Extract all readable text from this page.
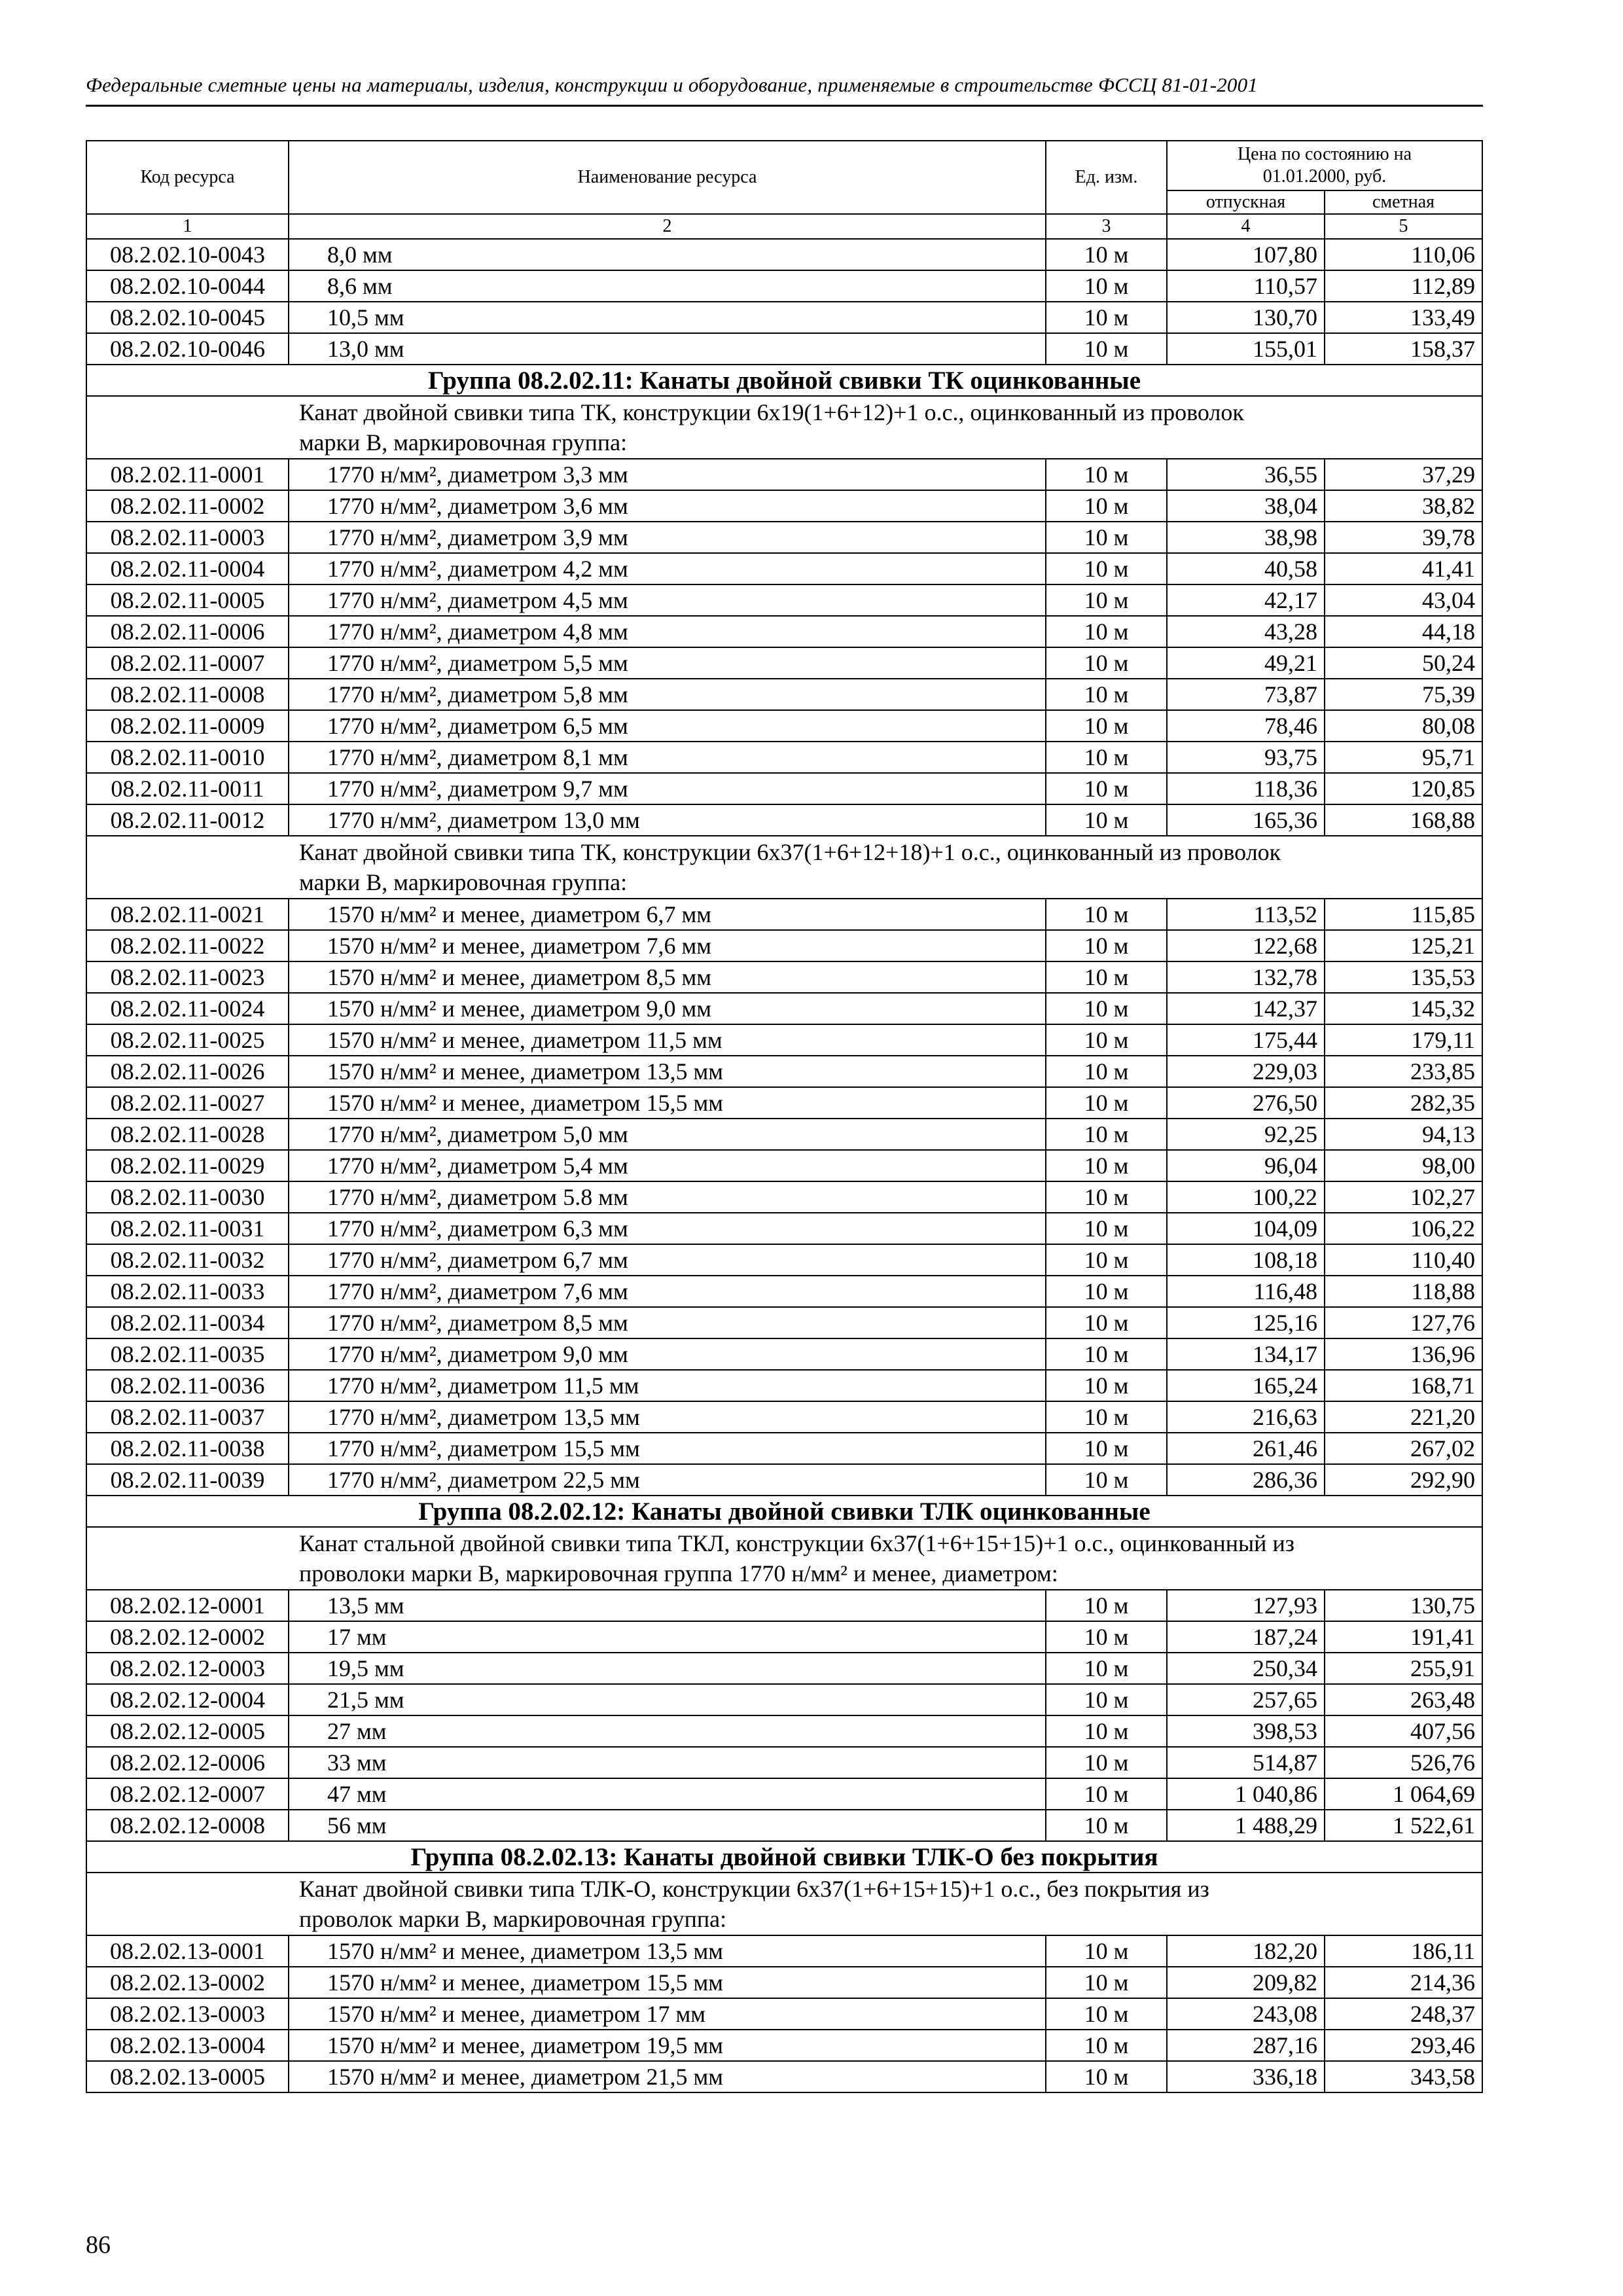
Федеральные сметные цены на материалы, изделия, конструкции и оборудование, применяемые в строительстве ФССЦ 81-01-2001
Код ресурса	Наименование ресурса	Ед. изм.	Цена по состоянию на 01.01.2000, руб.	
			отпускная	сметная
1	2	3	4	5
08.2.02.10-0043	8,0 мм	10 м	107,80	110,06
08.2.02.10-0044	8,6 мм	10 м	110,57	112,89
08.2.02.10-0045	10,5 мм	10 м	130,70	133,49
08.2.02.10-0046	13,0 мм	10 м	155,01	158,37
Группа 08.2.02.11: Канаты двойной свивки ТК оцинкованные				

Канат двойной свивки типа ТК, конструкции 6х19(1+6+12)+1 о.с., оцинкованный из проволок
марки В, маркировочная группа:				

08.2.02.11-0001	1770 н/мм², диаметром 3,3 мм	10 м	36,55	37,29
08.2.02.11-0002	1770 н/мм², диаметром 3,6 мм	10 м	38,04	38,82
08.2.02.11-0003	1770 н/мм², диаметром 3,9 мм	10 м	38,98	39,78
08.2.02.11-0004	1770 н/мм², диаметром 4,2 мм	10 м	40,58	41,41
08.2.02.11-0005	1770 н/мм², диаметром 4,5 мм	10 м	42,17	43,04
08.2.02.11-0006	1770 н/мм², диаметром 4,8 мм	10 м	43,28	44,18
08.2.02.11-0007	1770 н/мм², диаметром 5,5 мм	10 м	49,21	50,24
08.2.02.11-0008	1770 н/мм², диаметром 5,8 мм	10 м	73,87	75,39
08.2.02.11-0009	1770 н/мм², диаметром 6,5 мм	10 м	78,46	80,08
08.2.02.11-0010	1770 н/мм², диаметром 8,1 мм	10 м	93,75	95,71
08.2.02.11-0011	1770 н/мм², диаметром 9,7 мм	10 м	118,36	120,85
08.2.02.11-0012	1770 н/мм², диаметром 13,0 мм	10 м	165,36	168,88

Канат двойной свивки типа ТК, конструкции 6х37(1+6+12+18)+1 о.с., оцинкованный из проволок
марки В, маркировочная группа:				

08.2.02.11-0021	1570 н/мм² и менее, диаметром 6,7 мм	10 м	113,52	115,85
08.2.02.11-0022	1570 н/мм² и менее, диаметром 7,6 мм	10 м	122,68	125,21
08.2.02.11-0023	1570 н/мм² и менее, диаметром 8,5 мм	10 м	132,78	135,53
08.2.02.11-0024	1570 н/мм² и менее, диаметром 9,0 мм	10 м	142,37	145,32
08.2.02.11-0025	1570 н/мм² и менее, диаметром 11,5 мм	10 м	175,44	179,11
08.2.02.11-0026	1570 н/мм² и менее, диаметром 13,5 мм	10 м	229,03	233,85
08.2.02.11-0027	1570 н/мм² и менее, диаметром 15,5 мм	10 м	276,50	282,35
08.2.02.11-0028	1770 н/мм², диаметром 5,0 мм	10 м	92,25	94,13
08.2.02.11-0029	1770 н/мм², диаметром 5,4 мм	10 м	96,04	98,00
08.2.02.11-0030	1770 н/мм², диаметром 5.8 мм	10 м	100,22	102,27
08.2.02.11-0031	1770 н/мм², диаметром 6,3 мм	10 м	104,09	106,22
08.2.02.11-0032	1770 н/мм², диаметром 6,7 мм	10 м	108,18	110,40
08.2.02.11-0033	1770 н/мм², диаметром 7,6 мм	10 м	116,48	118,88
08.2.02.11-0034	1770 н/мм², диаметром 8,5 мм	10 м	125,16	127,76
08.2.02.11-0035	1770 н/мм², диаметром 9,0 мм	10 м	134,17	136,96
08.2.02.11-0036	1770 н/мм², диаметром 11,5 мм	10 м	165,24	168,71
08.2.02.11-0037	1770 н/мм², диаметром 13,5 мм	10 м	216,63	221,20
08.2.02.11-0038	1770 н/мм², диаметром 15,5 мм	10 м	261,46	267,02
08.2.02.11-0039	1770 н/мм², диаметром 22,5 мм	10 м	286,36	292,90
Группа 08.2.02.12: Канаты двойной свивки ТЛК оцинкованные				

Канат стальной двойной свивки типа ТКЛ, конструкции 6х37(1+6+15+15)+1 о.с., оцинкованный из
проволоки марки В, маркировочная группа 1770 н/мм² и менее, диаметром:				

08.2.02.12-0001	13,5 мм	10 м	127,93	130,75
08.2.02.12-0002	17 мм	10 м	187,24	191,41
08.2.02.12-0003	19,5 мм	10 м	250,34	255,91
08.2.02.12-0004	21,5 мм	10 м	257,65	263,48
08.2.02.12-0005	27 мм	10 м	398,53	407,56
08.2.02.12-0006	33 мм	10 м	514,87	526,76
08.2.02.12-0007	47 мм	10 м	1 040,86	1 064,69
08.2.02.12-0008	56 мм	10 м	1 488,29	1 522,61
Группа 08.2.02.13: Канаты двойной свивки ТЛК-О без покрытия				

Канат двойной свивки типа ТЛК-О, конструкции 6х37(1+6+15+15)+1 о.с., без покрытия из
проволок марки В, маркировочная группа:				

08.2.02.13-0001	1570 н/мм² и менее, диаметром 13,5 мм	10 м	182,20	186,11
08.2.02.13-0002	1570 н/мм² и менее, диаметром 15,5 мм	10 м	209,82	214,36
08.2.02.13-0003	1570 н/мм² и менее, диаметром 17 мм	10 м	243,08	248,37
08.2.02.13-0004	1570 н/мм² и менее, диаметром 19,5 мм	10 м	287,16	293,46
08.2.02.13-0005	1570 н/мм² и менее, диаметром 21,5 мм	10 м	336,18	343,58
86
